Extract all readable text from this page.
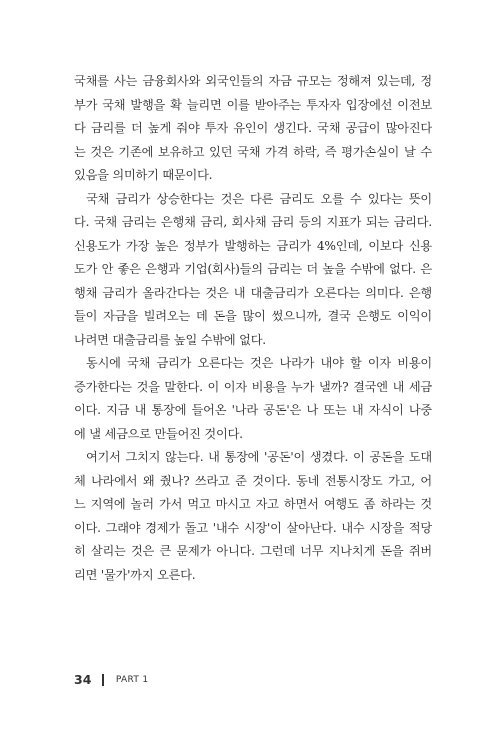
국채를 사는 금융회사와 외국인들의 자금 규모는 정해져 있는데, 정
부가 국채 발행을 확 늘리면 이를 받아주는 투자자 입장에선 이전보
다 금리를 더 높게 줘야 투자 유인이 생긴다. 국채 공급이 많아진다
는 것은 기존에 보유하고 있던 국채 가격 하락, 즉 평가손실이 날 수
있음을 의미하기 때문이다.
국채 금리가 상승한다는 것은 다른 금리도 오를 수 있다는 뜻이
다. 국채 금리는 은행채 금리, 회사채 금리 등의 지표가 되는 금리다.
신용도가 가장 높은 정부가 발행하는 금리가 4%인데, 이보다 신용
도가 안 좋은 은행과 기업(회사)들의 금리는 더 높을 수밖에 없다. 은
행채 금리가 올라간다는 것은 내 대출금리가 오른다는 의미다. 은행
들이 자금을 빌려오는 데 돈을 많이 썼으니까, 결국 은행도 이익이
나려면 대출금리를 높일 수밖에 없다.
동시에 국채 금리가 오른다는 것은 나라가 내야 할 이자 비용이
증가한다는 것을 말한다. 이 이자 비용을 누가 낼까? 결국엔 내 세금
이다. 지금 내 통장에 들어온 '나라 공돈'은 나 또는 내 자식이 나중
에 낼 세금으로 만들어진 것이다.
여기서 그치지 않는다. 내 통장에 '공돈'이 생겼다. 이 공돈을 도대
체 나라에서 왜 줬나? 쓰라고 준 것이다. 동네 전통시장도 가고, 어
느 지역에 놀러 가서 먹고 마시고 자고 하면서 여행도 좀 하라는 것
이다. 그래야 경제가 돌고 '내수 시장'이 살아난다. 내수 시장을 적당
히 살리는 것은 큰 문제가 아니다. 그런데 너무 지나치게 돈을 쥐버
리면 '물가'까지 오른다.
34	PART 1
